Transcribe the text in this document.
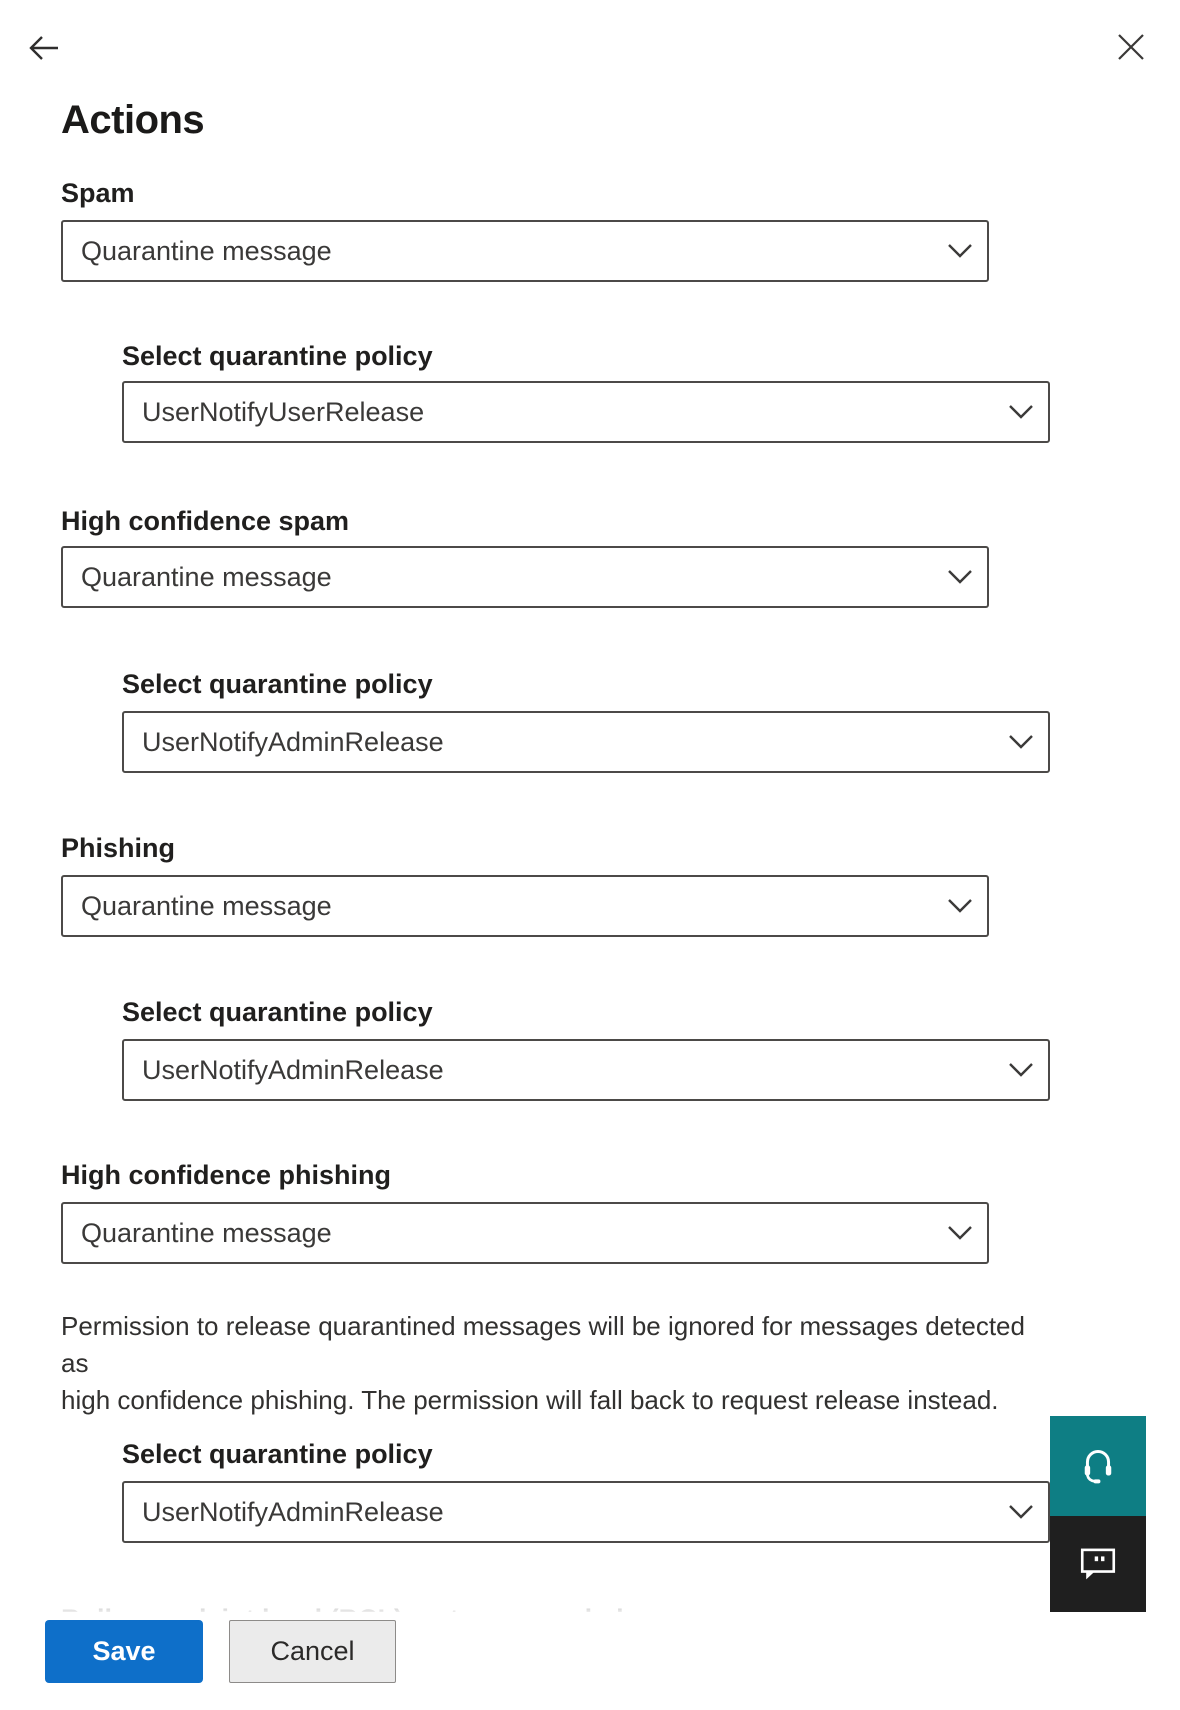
Actions
Spam
Quarantine message
Select quarantine policy
UserNotifyUserRelease
High confidence spam
Quarantine message
Select quarantine policy
UserNotifyAdminRelease
Phishing
Quarantine message
Select quarantine policy
UserNotifyAdminRelease
High confidence phishing
Quarantine message
Permission to release quarantined messages will be ignored for messages detected as
high confidence phishing. The permission will fall back to request release instead.
Select quarantine policy
UserNotifyAdminRelease
Save	Cancel
